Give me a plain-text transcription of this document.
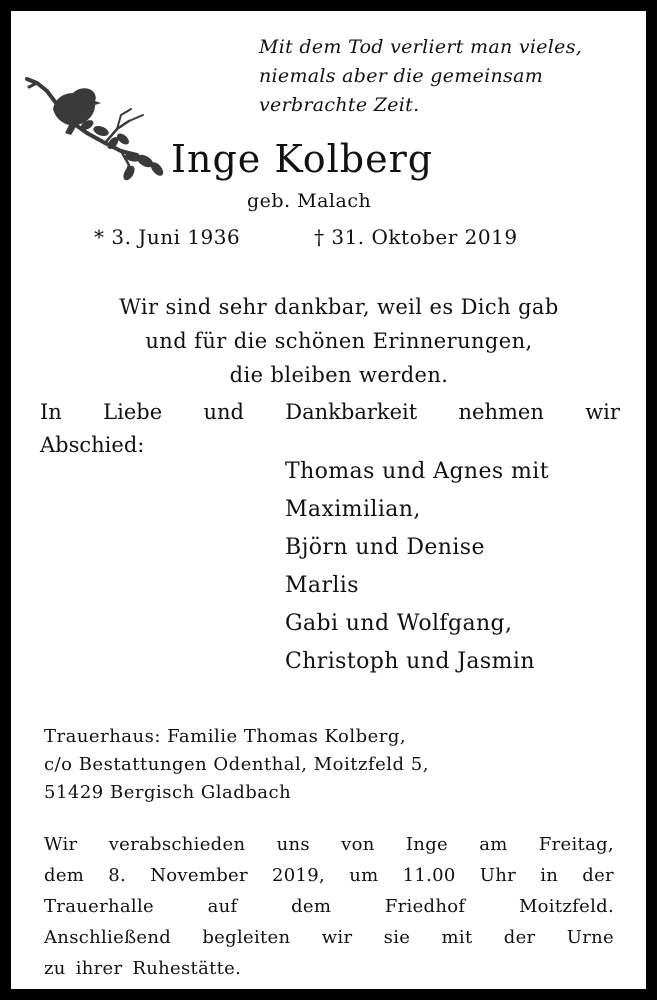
Mit dem Tod verliert man vieles,
niemals aber die gemeinsam
verbrachte Zeit.
Inge Kolberg
geb. Malach
* 3. Juni 1936	† 31. Oktober 2019
Wir sind sehr dankbar, weil es Dich gab
und für die schönen Erinnerungen,
die bleiben werden.
In Liebe und Dankbarkeit nehmen wir
Abschied:
Thomas und Agnes mit
Maximilian,
Björn und Denise
Marlis
Gabi und Wolfgang,
Christoph und Jasmin
Trauerhaus: Familie Thomas Kolberg,
c/o Bestattungen Odenthal, Moitzfeld 5,
51429 Bergisch Gladbach
Wir verabschieden uns von Inge am Freitag,
dem 8. November 2019, um 11.00 Uhr in der
Trauerhalle	auf	dem	Friedhof	Moitzfeld.
Anschließend begleiten wir sie mit der Urne
zu ihrer Ruhestätte.
